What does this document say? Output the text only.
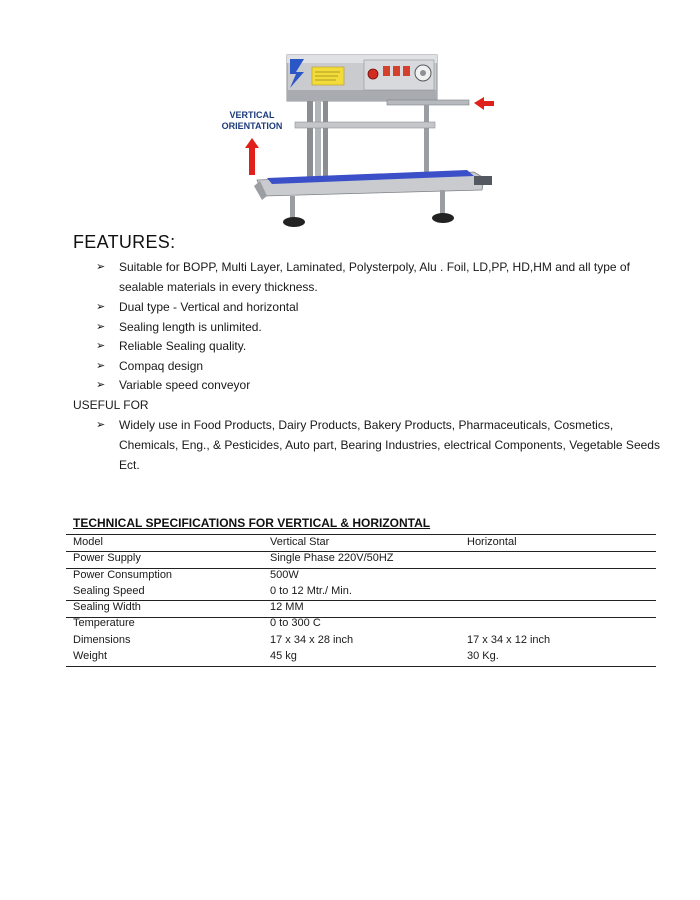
VERTICAL
ORIENTATION
FEATURES:
➢ Suitable for BOPP, Multi Layer, Laminated, Polysterpoly, Alu . Foil, LD,PP, HD,HM and all type of sealable materials in every thickness.
➢ Dual type - Vertical and horizontal
➢ Sealing length is unlimited.
➢ Reliable Sealing quality.
➢ Compaq design
➢ Variable speed conveyor
USEFUL FOR
➢ Widely use in Food Products, Dairy Products, Bakery Products, Pharmaceuticals, Cosmetics, Chemicals, Eng., & Pesticides, Auto part, Bearing Industries, electrical Components, Vegetable Seeds Ect.
TECHNICAL SPECIFICATIONS FOR VERTICAL & HORIZONTAL
Model	Vertical Star	Horizontal
Power Supply	Single Phase 220V/50HZ
Power Consumption	500W
Sealing Speed	0 to 12 Mtr./ Min.
Sealing Width	12 MM
Temperature	0 to 300 C
Dimensions	17 x 34 x 28 inch	17 x 34 x 12 inch
Weight	45 kg	30 Kg.
